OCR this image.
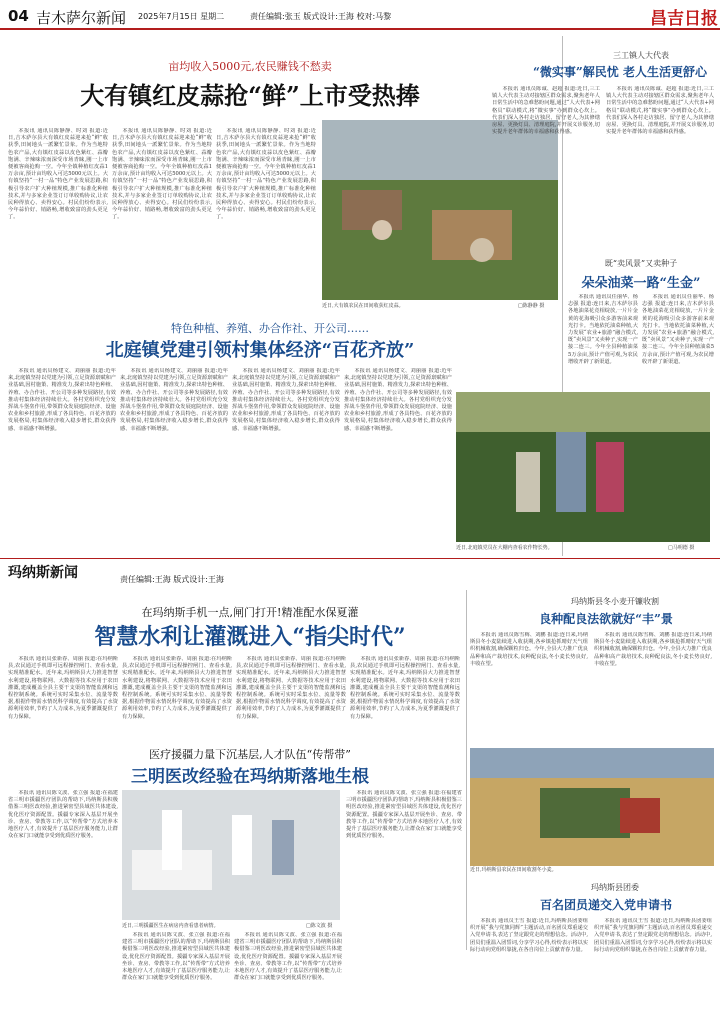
04 吉木萨尔新闻 2025年7月15日 星期二	责任编辑:张玉 版式设计:王海 校对:马黎	昌吉日报
亩均收入5000元,农民赚钱不愁卖
大有镇红皮蒜抢“鲜”上市受热捧

本报讯 通讯员陈静静、时刘 报道:近日,吉木萨尔县大有镇红皮蒜迎来抢“鲜”收获季,田间地头一派繁忙景象。作为当地特色农产品,大有镇红皮蒜以皮色紫红、蒜瓣饱满、辛辣味浓而深受市场青睐,刚一上市便被客商抢购一空。今年全镇种植红皮蒜1万余亩,预计亩均收入可达5000元以上。大有镇坚持“一村一品”特色产业发展思路,积极引导农户扩大种植规模,推广标准化种植技术,并与多家企业签订订单收购协议,让农民种得放心、卖得安心。村民们纷纷表示,今年蒜价好、销路畅,增收致富的劲头更足了。

本报讯 通讯员陈静静、时刘 报道:近日,吉木萨尔县大有镇红皮蒜迎来抢“鲜”收获季,田间地头一派繁忙景象。作为当地特色农产品,大有镇红皮蒜以皮色紫红、蒜瓣饱满、辛辣味浓而深受市场青睐,刚一上市便被客商抢购一空。今年全镇种植红皮蒜1万余亩,预计亩均收入可达5000元以上。大有镇坚持“一村一品”特色产业发展思路,积极引导农户扩大种植规模,推广标准化种植技术,并与多家企业签订订单收购协议,让农民种得放心、卖得安心。村民们纷纷表示,今年蒜价好、销路畅,增收致富的劲头更足了。

本报讯 通讯员陈静静、时刘 报道:近日,吉木萨尔县大有镇红皮蒜迎来抢“鲜”收获季,田间地头一派繁忙景象。作为当地特色农产品,大有镇红皮蒜以皮色紫红、蒜瓣饱满、辛辣味浓而深受市场青睐,刚一上市便被客商抢购一空。今年全镇种植红皮蒜1万余亩,预计亩均收入可达5000元以上。大有镇坚持“一村一品”特色产业发展思路,积极引导农户扩大种植规模,推广标准化种植技术,并与多家企业签订订单收购协议,让农民种得放心、卖得安心。村民们纷纷表示,今年蒜价好、销路畅,增收致富的劲头更足了。

近日,大有镇农民在田间收获红皮蒜。	□陈静静 摄
三工镇人大代表
“微实事”解民忧 老人生活更舒心

本报讯 通讯员陈诚、赵超 报道:近日,三工镇人大代表主动对接辖区群众需求,聚焦老年人日常生活中的急难愁盼问题,通过“人大代表+网格员”联动模式,将“微实事”办到群众心坎上。代表们深入各村走访独居、留守老人,为其修缮房屋、更换灯具、清理庭院,并开展义诊服务,切实提升老年群体的幸福感和获得感。

本报讯 通讯员陈诚、赵超 报道:近日,三工镇人大代表主动对接辖区群众需求,聚焦老年人日常生活中的急难愁盼问题,通过“人大代表+网格员”联动模式,将“微实事”办到群众心坎上。代表们深入各村走访独居、留守老人,为其修缮房屋、更换灯具、清理庭院,并开展义诊服务,切实提升老年群体的幸福感和获得感。

既“卖风景”又卖种子
朵朵油菜一路“生金”

本报讯 通讯员任丽华、杨志强 报道:连日来,吉木萨尔县各地油菜花竞相绽放,一片片金黄的花海吸引众多游客前来观光打卡。当地依托油菜种植,大力发展“农业+旅游”融合模式,既“卖风景”又卖种子,实现一产接二连三。今年全县种植油菜5万余亩,预计产值可观,为农民增收开辟了新渠道。

本报讯 通讯员任丽华、杨志强 报道:连日来,吉木萨尔县各地油菜花竞相绽放,一片片金黄的花海吸引众多游客前来观光打卡。当地依托油菜种植,大力发展“农业+旅游”融合模式,既“卖风景”又卖种子,实现一产接二连三。今年全县种植油菜5万余亩,预计产值可观,为农民增收开辟了新渠道。

特色种植、养殖、办合作社、开公司……
北庭镇党建引领村集体经济“百花齐放”

本报讯 通讯员杨建文、刘丽丽 报道:近年来,北庭镇坚持以党建为引领,立足资源禀赋和产业基础,因村施策、精准发力,探索出特色种植、养殖、办合作社、开公司等多种发展路径,有效推动村集体经济持续壮大。各村党组织充分发挥战斗堡垒作用,带领群众发展庭院经济、设施农业和乡村旅游,形成了各具特色、百花齐放的发展格局,村集体经济收入稳步增长,群众获得感、幸福感不断增强。

本报讯 通讯员杨建文、刘丽丽 报道:近年来,北庭镇坚持以党建为引领,立足资源禀赋和产业基础,因村施策、精准发力,探索出特色种植、养殖、办合作社、开公司等多种发展路径,有效推动村集体经济持续壮大。各村党组织充分发挥战斗堡垒作用,带领群众发展庭院经济、设施农业和乡村旅游,形成了各具特色、百花齐放的发展格局,村集体经济收入稳步增长,群众获得感、幸福感不断增强。

本报讯 通讯员杨建文、刘丽丽 报道:近年来,北庭镇坚持以党建为引领,立足资源禀赋和产业基础,因村施策、精准发力,探索出特色种植、养殖、办合作社、开公司等多种发展路径,有效推动村集体经济持续壮大。各村党组织充分发挥战斗堡垒作用,带领群众发展庭院经济、设施农业和乡村旅游,形成了各具特色、百花齐放的发展格局,村集体经济收入稳步增长,群众获得感、幸福感不断增强。

本报讯 通讯员杨建文、刘丽丽 报道:近年来,北庭镇坚持以党建为引领,立足资源禀赋和产业基础,因村施策、精准发力,探索出特色种植、养殖、办合作社、开公司等多种发展路径,有效推动村集体经济持续壮大。各村党组织充分发挥战斗堡垒作用,带领群众发展庭院经济、设施农业和乡村旅游,形成了各具特色、百花齐放的发展格局,村集体经济收入稳步增长,群众获得感、幸福感不断增强。

近日,北庭镇党员在大棚内查看农作物长势。	□马明德 摄
玛纳斯新闻	责任编辑:王海 版式设计:王海
在玛纳斯手机一点,闸门打开!精准配水保夏灌
智慧水利让灌溉进入“指尖时代”

本报讯 通讯员张新春、周丽 报道:在玛纳斯县,农民通过手机即可远程操控闸门、查看水量,实现精准配水。近年来,玛纳斯县大力推进智慧水利建设,将物联网、大数据等技术应用于农田灌溉,建成覆盖全县主要干支渠的智能监测和远程控制系统。系统可实时采集水位、流量等数据,根据作物需水情况科学调度,有效提高了水资源利用效率,节约了人力成本,为夏季灌溉提供了有力保障。

本报讯 通讯员张新春、周丽 报道:在玛纳斯县,农民通过手机即可远程操控闸门、查看水量,实现精准配水。近年来,玛纳斯县大力推进智慧水利建设,将物联网、大数据等技术应用于农田灌溉,建成覆盖全县主要干支渠的智能监测和远程控制系统。系统可实时采集水位、流量等数据,根据作物需水情况科学调度,有效提高了水资源利用效率,节约了人力成本,为夏季灌溉提供了有力保障。

本报讯 通讯员张新春、周丽 报道:在玛纳斯县,农民通过手机即可远程操控闸门、查看水量,实现精准配水。近年来,玛纳斯县大力推进智慧水利建设,将物联网、大数据等技术应用于农田灌溉,建成覆盖全县主要干支渠的智能监测和远程控制系统。系统可实时采集水位、流量等数据,根据作物需水情况科学调度,有效提高了水资源利用效率,节约了人力成本,为夏季灌溉提供了有力保障。

本报讯 通讯员张新春、周丽 报道:在玛纳斯县,农民通过手机即可远程操控闸门、查看水量,实现精准配水。近年来,玛纳斯县大力推进智慧水利建设,将物联网、大数据等技术应用于农田灌溉,建成覆盖全县主要干支渠的智能监测和远程控制系统。系统可实时采集水位、流量等数据,根据作物需水情况科学调度,有效提高了水资源利用效率,节约了人力成本,为夏季灌溉提供了有力保障。

玛纳斯县冬小麦开镰收割
良种配良法欲就好“丰”景

本报讯 通讯员陈雪梅、刘鹏 报道:连日来,玛纳斯县冬小麦陆续进入收获期,各乡镇抢抓晴好天气组织机械收割,确保颗粒归仓。今年,全县大力推广优良品种和高产栽培技术,良种配良法,冬小麦长势良好,丰收在望。

本报讯 通讯员陈雪梅、刘鹏 报道:连日来,玛纳斯县冬小麦陆续进入收获期,各乡镇抢抓晴好天气组织机械收割,确保颗粒归仓。今年,全县大力推广优良品种和高产栽培技术,良种配良法,冬小麦长势良好,丰收在望。

近日,玛纳斯县农民在田间收割冬小麦。
医疗援疆力量下沉基层,人才队伍“传帮带”
三明医改经验在玛纳斯落地生根

本报讯 通讯员陈文波、张立强 报道:在福建省三明市援疆医疗团队的帮助下,玛纳斯县积极借鉴三明医改经验,推进紧密型县域医共体建设,优化医疗资源配置。援疆专家深入基层开展坐诊、查房、带教等工作,以“传帮带”方式培养本地医疗人才,有效提升了基层医疗服务能力,让群众在家门口就能享受到优质医疗服务。

近日,三明援疆医生在病房内查看患者病情。	□陈文波 摄

本报讯 通讯员陈文波、张立强 报道:在福建省三明市援疆医疗团队的帮助下,玛纳斯县积极借鉴三明医改经验,推进紧密型县域医共体建设,优化医疗资源配置。援疆专家深入基层开展坐诊、查房、带教等工作,以“传帮带”方式培养本地医疗人才,有效提升了基层医疗服务能力,让群众在家门口就能享受到优质医疗服务。

本报讯 通讯员陈文波、张立强 报道:在福建省三明市援疆医疗团队的帮助下,玛纳斯县积极借鉴三明医改经验,推进紧密型县域医共体建设,优化医疗资源配置。援疆专家深入基层开展坐诊、查房、带教等工作,以“传帮带”方式培养本地医疗人才,有效提升了基层医疗服务能力,让群众在家门口就能享受到优质医疗服务。

本报讯 通讯员陈文波、张立强 报道:在福建省三明市援疆医疗团队的帮助下,玛纳斯县积极借鉴三明医改经验,推进紧密型县域医共体建设,优化医疗资源配置。援疆专家深入基层开展坐诊、查房、带教等工作,以“传帮带”方式培养本地医疗人才,有效提升了基层医疗服务能力,让群众在家门口就能享受到优质医疗服务。

玛纳斯县团委
百名团员递交入党申请书

本报讯 通讯员王雪 报道:近日,玛纳斯县团委组织开展“我与党旗同辉”主题活动,百名团员郑重递交入党申请书,表达了坚定跟党走的理想信念。活动中,团员们重温入团誓词,分享学习心得,纷纷表示将以实际行动向党组织靠拢,在各自岗位上贡献青春力量。

本报讯 通讯员王雪 报道:近日,玛纳斯县团委组织开展“我与党旗同辉”主题活动,百名团员郑重递交入党申请书,表达了坚定跟党走的理想信念。活动中,团员们重温入团誓词,分享学习心得,纷纷表示将以实际行动向党组织靠拢,在各自岗位上贡献青春力量。
